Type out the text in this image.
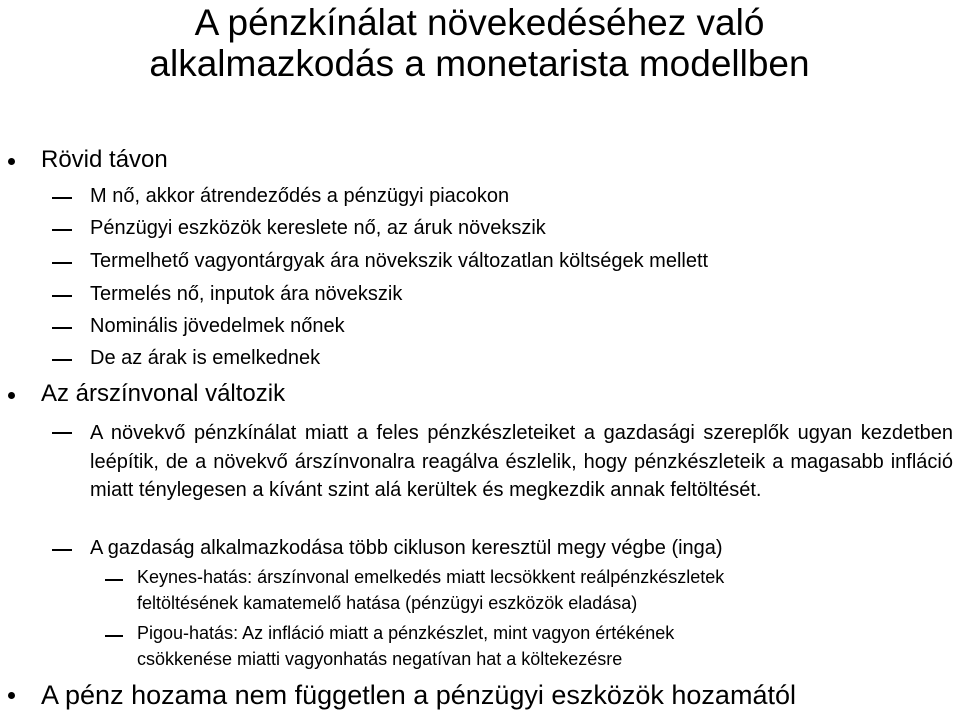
A pénzkínálat növekedéséhez való
alkalmazkodás a monetarista modellben
Rövid távon
M nő, akkor átrendeződés a pénzügyi piacokon
Pénzügyi eszközök kereslete nő, az áruk növekszik
Termelhető vagyontárgyak ára növekszik változatlan költségek mellett
Termelés nő, inputok ára növekszik
Nominális jövedelmek nőnek
De az árak is emelkednek
Az árszínvonal változik
A növekvő pénzkínálat miatt a feles pénzkészleteiket a gazdasági szereplők ugyan kezdetben leépítik, de a növekvő árszínvonalra reagálva észlelik, hogy pénzkészleteik a magasabb infláció miatt ténylegesen a kívánt szint alá kerültek és megkezdik annak feltöltését.
A gazdaság alkalmazkodása több cikluson keresztül megy végbe (inga)
Keynes-hatás: árszínvonal emelkedés miatt lecsökkent reálpénzkészletek
feltöltésének kamatemelő hatása (pénzügyi eszközök eladása)
Pigou-hatás: Az infláció miatt a pénzkészlet, mint vagyon értékének
csökkenése miatti vagyonhatás negatívan hat a költekezésre
A pénz hozama nem független a pénzügyi eszközök hozamától
